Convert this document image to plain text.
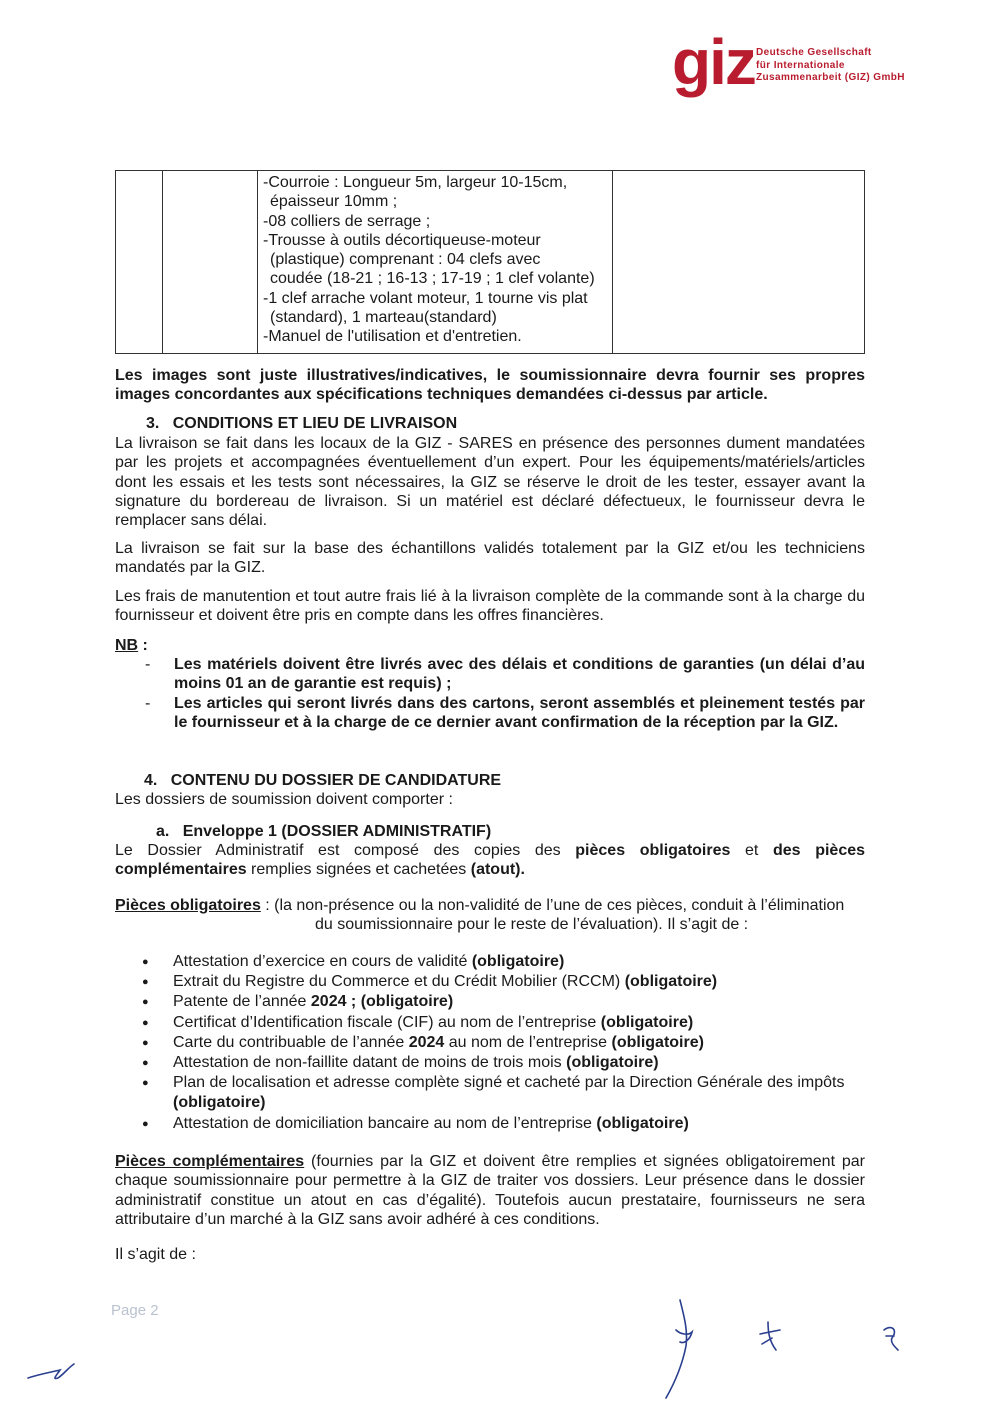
giz Deutsche Gesellschaft
für Internationale
Zusammenarbeit (GIZ) GmbH

-Courroie : Longueur 5m, largeur 10-15cm,
épaisseur 10mm ;
-08 colliers de serrage ;
-Trousse à outils décortiqueuse-moteur
(plastique) comprenant : 04 clefs avec
coudée (18-21 ; 16-13 ; 17-19 ; 1 clef volante)
-1 clef arrache volant moteur, 1 tourne vis plat
(standard), 1 marteau(standard)
-Manuel de l'utilisation et d'entretien.

Les images sont juste illustratives/indicatives, le soumissionnaire devra fournir ses propres images concordantes aux spécifications techniques demandées ci-dessus par article.
3. CONDITIONS ET LIEU DE LIVRAISON
La livraison se fait dans les locaux de la GIZ - SARES en présence des personnes dument mandatées par les projets et accompagnées éventuellement d’un expert. Pour les équipements/matériels/articles dont les essais et les tests sont nécessaires, la GIZ se réserve le droit de les tester, essayer avant la signature du bordereau de livraison. Si un matériel est déclaré défectueux, le fournisseur devra le remplacer sans délai.
La livraison se fait sur la base des échantillons validés totalement par la GIZ et/ou les techniciens mandatés par la GIZ.
Les frais de manutention et tout autre frais lié à la livraison complète de la commande sont à la charge du fournisseur et doivent être pris en compte dans les offres financières.
NB :
- Les matériels doivent être livrés avec des délais et conditions de garanties (un délai d’au moins 01 an de garantie est requis) ;
- Les articles qui seront livrés dans des cartons, seront assemblés et pleinement testés par le fournisseur et à la charge de ce dernier avant confirmation de la réception par la GIZ.
4. CONTENU DU DOSSIER DE CANDIDATURE
Les dossiers de soumission doivent comporter :
a. Enveloppe 1 (DOSSIER ADMINISTRATIF)
Le Dossier Administratif est composé des copies des pièces obligatoires et des pièces complémentaires remplies signées et cachetées (atout).
Pièces obligatoires : (la non-présence ou la non-validité de l’une de ces pièces, conduit à l’élimination
du soumissionnaire pour le reste de l’évaluation). Il s’agit de :
● Attestation d’exercice en cours de validité (obligatoire)
● Extrait du Registre du Commerce et du Crédit Mobilier (RCCM) (obligatoire)
● Patente de l’année 2024 ; (obligatoire)
● Certificat d’Identification fiscale (CIF) au nom de l’entreprise (obligatoire)
● Carte du contribuable de l’année 2024 au nom de l’entreprise (obligatoire)
● Attestation de non-faillite datant de moins de trois mois (obligatoire)
● Plan de localisation et adresse complète signé et cacheté par la Direction Générale des impôts (obligatoire)
● Attestation de domiciliation bancaire au nom de l’entreprise (obligatoire)
Pièces complémentaires (fournies par la GIZ et doivent être remplies et signées obligatoirement par chaque soumissionnaire pour permettre à la GIZ de traiter vos dossiers. Leur présence dans le dossier administratif constitue un atout en cas d’égalité). Toutefois aucun prestataire, fournisseurs ne sera attributaire d’un marché à la GIZ sans avoir adhéré à ces conditions.
Il s’agit de :
Page 2
